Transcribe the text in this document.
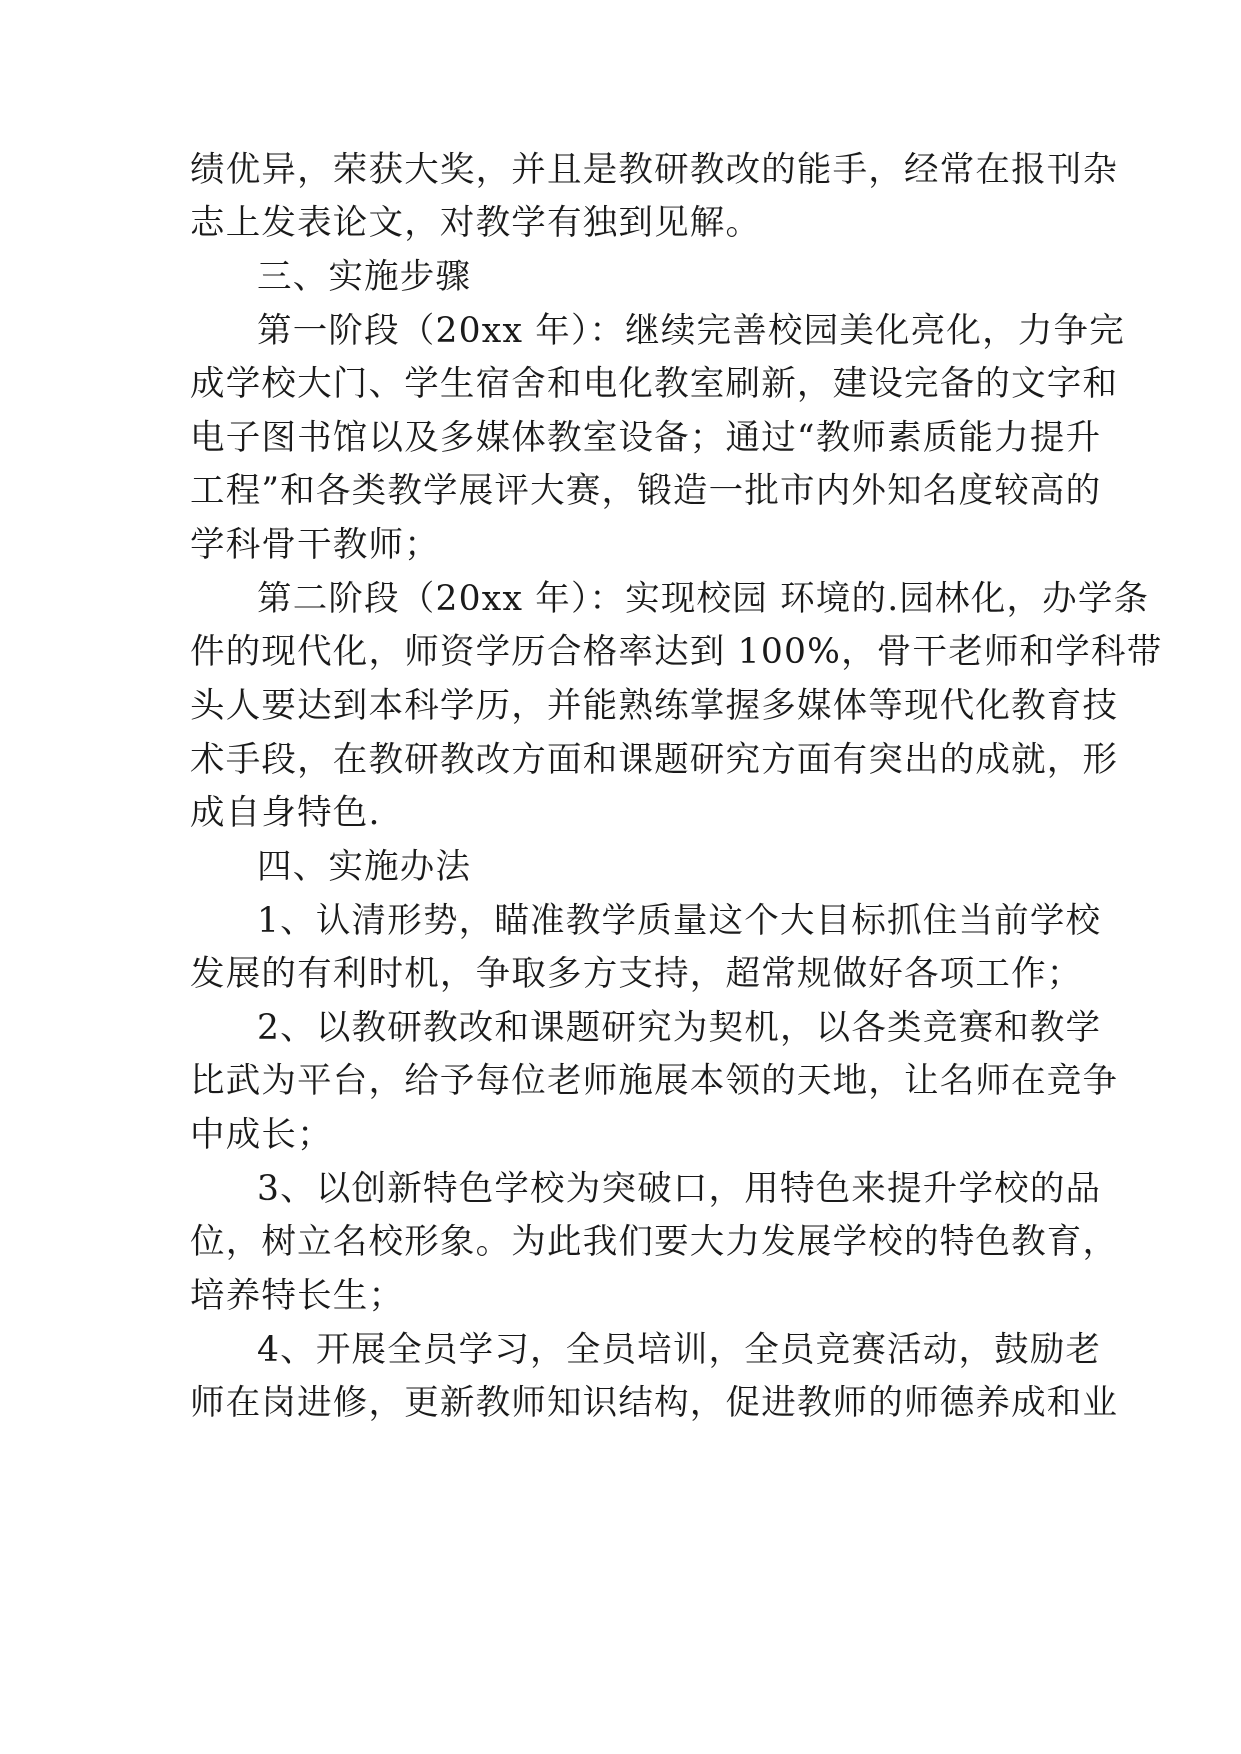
绩优异，荣获大奖，并且是教研教改的能手，经常在报刊杂
志上发表论文，对教学有独到见解。
三、实施步骤
第一阶段（20xx 年）：继续完善校园美化亮化，力争完
成学校大门、学生宿舍和电化教室刷新，建设完备的文字和
电子图书馆以及多媒体教室设备；通过“教师素质能力提升
工程”和各类教学展评大赛，锻造一批市内外知名度较高的
学科骨干教师；
第二阶段（20xx 年）：实现校园 环境的.园林化，办学条
件的现代化，师资学历合格率达到 100%，骨干老师和学科带
头人要达到本科学历，并能熟练掌握多媒体等现代化教育技
术手段，在教研教改方面和课题研究方面有突出的成就，形
成自身特色.
四、实施办法
1、认清形势，瞄准教学质量这个大目标抓住当前学校
发展的有利时机，争取多方支持，超常规做好各项工作；
2、以教研教改和课题研究为契机，以各类竞赛和教学
比武为平台，给予每位老师施展本领的天地，让名师在竞争
中成长；
3、以创新特色学校为突破口，用特色来提升学校的品
位，树立名校形象。为此我们要大力发展学校的特色教育，
培养特长生；
4、开展全员学习，全员培训，全员竞赛活动，鼓励老
师在岗进修，更新教师知识结构，促进教师的师德养成和业
